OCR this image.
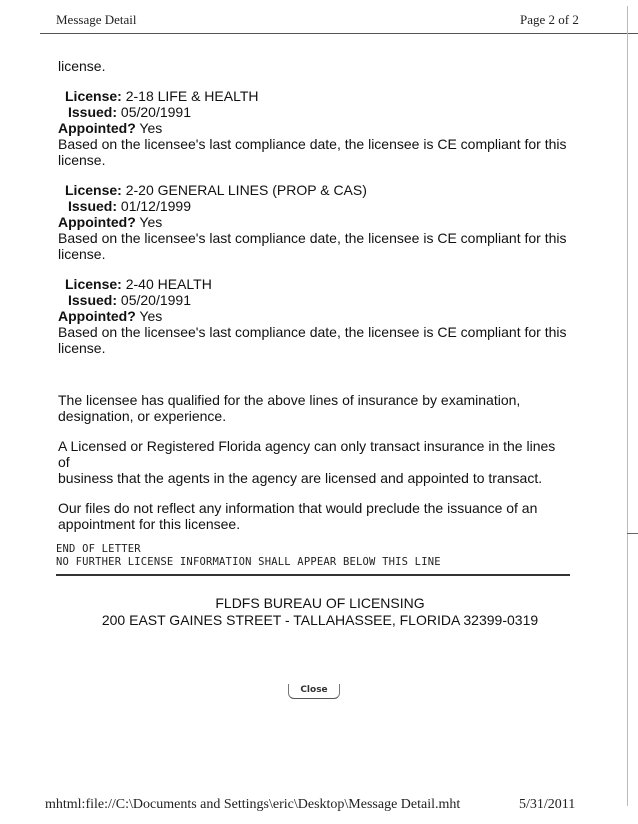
Message Detail	Page 2 of 2

license.

License: 2-18 LIFE & HEALTH
Issued: 05/20/1991
Appointed? Yes
Based on the licensee's last compliance date, the licensee is CE compliant for this
license.
License: 2-20 GENERAL LINES (PROP & CAS)
Issued: 01/12/1999
Appointed? Yes
Based on the licensee's last compliance date, the licensee is CE compliant for this
license.
License: 2-40 HEALTH
Issued: 05/20/1991
Appointed? Yes
Based on the licensee's last compliance date, the licensee is CE compliant for this
license.
The licensee has qualified for the above lines of insurance by examination,
designation, or experience.
A Licensed or Registered Florida agency can only transact insurance in the lines of
business that the agents in the agency are licensed and appointed to transact.
Our files do not reflect any information that would preclude the issuance of an
appointment for this licensee.
END OF LETTER
NO FURTHER LICENSE INFORMATION SHALL APPEAR BELOW THIS LINE
FLDFS BUREAU OF LICENSING
200 EAST GAINES STREET - TALLAHASSEE, FLORIDA 32399-0319
Close
mhtml:file://C:\Documents and Settings\eric\Desktop\Message Detail.mht	5/31/2011
